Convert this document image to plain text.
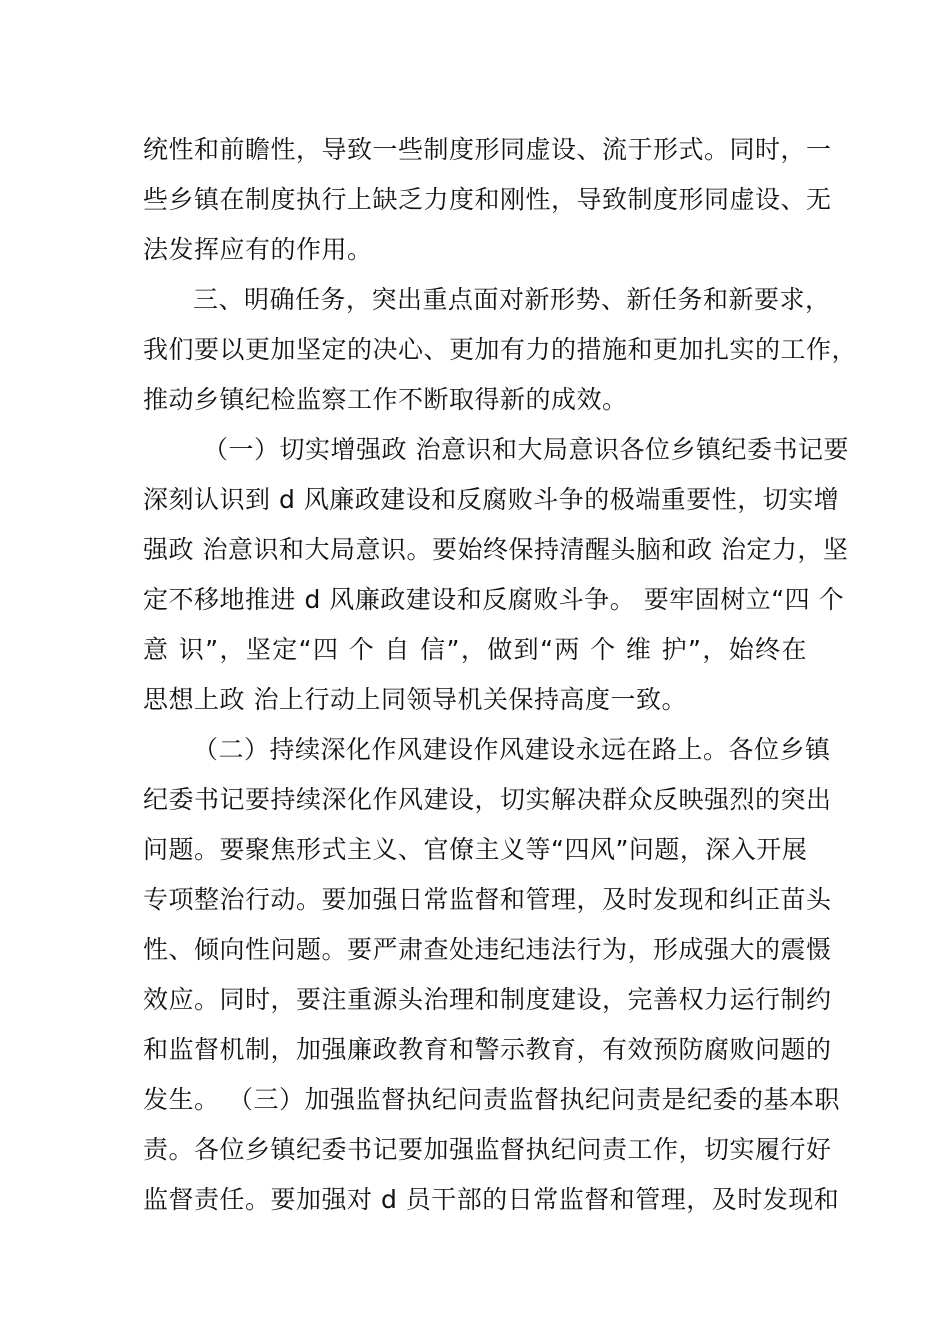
统性和前瞻性，导致一些制度形同虚设、流于形式。同时，一
些乡镇在制度执行上缺乏力度和刚性，导致制度形同虚设、无
法发挥应有的作用。
三、明确任务，突出重点面对新形势、新任务和新要求，
我们要以更加坚定的决心、更加有力的措施和更加扎实的工作，
推动乡镇纪检监察工作不断取得新的成效。
（一）切实增强政 治意识和大局意识各位乡镇纪委书记要
深刻认识到 d 风廉政建设和反腐败斗争的极端重要性，切实增
强政 治意识和大局意识。要始终保持清醒头脑和政 治定力，坚
定不移地推进 d 风廉政建设和反腐败斗争。 要牢固树立“四 个
意 识”，坚定“四 个 自 信”，做到“两 个 维 护”，始终在
思想上政 治上行动上同领导机关保持高度一致。
（二）持续深化作风建设作风建设永远在路上。各位乡镇
纪委书记要持续深化作风建设，切实解决群众反映强烈的突出
问题。要聚焦形式主义、官僚主义等“四风”问题，深入开展
专项整治行动。要加强日常监督和管理，及时发现和纠正苗头
性、倾向性问题。要严肃查处违纪违法行为，形成强大的震慑
效应。同时，要注重源头治理和制度建设，完善权力运行制约
和监督机制，加强廉政教育和警示教育，有效预防腐败问题的
发生。 （三）加强监督执纪问责监督执纪问责是纪委的基本职
责。各位乡镇纪委书记要加强监督执纪问责工作，切实履行好
监督责任。要加强对 d 员干部的日常监督和管理，及时发现和
